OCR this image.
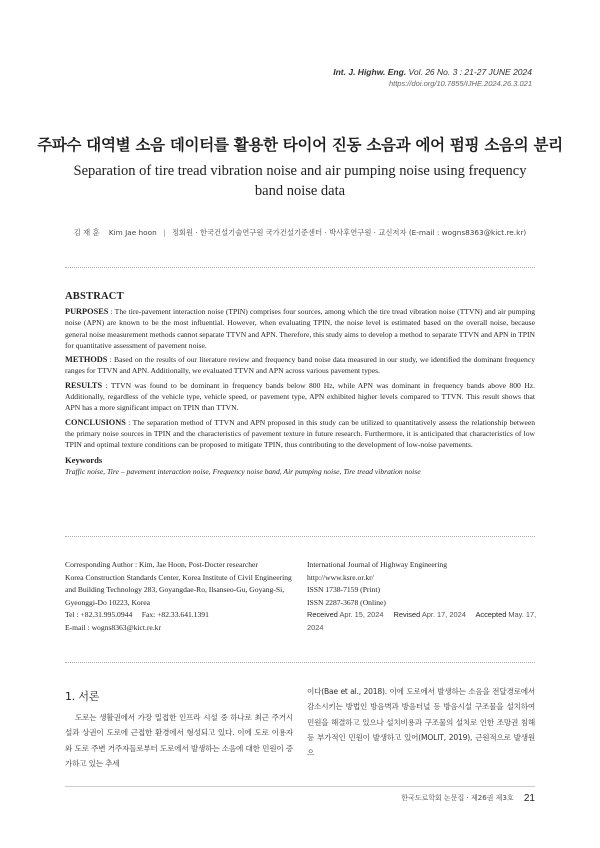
Int. J. Highw. Eng. Vol. 26 No. 3 : 21-27 JUNE 2024
https://doi.org/10.7855/IJHE.2024.26.3.021
주파수 대역별 소음 데이터를 활용한 타이어 진동 소음과 에어 펌핑 소음의 분리
Separation of tire tread vibration noise and air pumping noise using frequency band noise data
김 재 훈 Kim Jae hoon | 정회원 · 한국건설기술연구원 국가건설기준센터 · 박사후연구원 · 교신저자 (E-mail : wogns8363@kict.re.kr)
ABSTRACT

PURPOSES : The tire-pavement interaction noise (TPIN) comprises four sources, among which the tire tread vibration noise (TTVN) and air pumping noise (APN) are known to be the most influential. However, when evaluating TPIN, the noise level is estimated based on the overall noise, because general noise measurement methods cannot separate TTVN and APN. Therefore, this study aims to develop a method to separate TTVN and APN in TPIN for quantitative assessment of pavement noise.

METHODS : Based on the results of our literature review and frequency band noise data measured in our study, we identified the dominant frequency ranges for TTVN and APN. Additionally, we evaluated TTVN and APN across various pavement types.

RESULTS : TTVN was found to be dominant in frequency bands below 800 Hz, while APN was dominant in frequency bands above 800 Hz. Additionally, regardless of the vehicle type, vehicle speed, or pavement type, APN exhibited higher levels compared to TTVN. This result shows that APN has a more significant impact on TPIN than TTVN.

CONCLUSIONS : The separation method of TTVN and APN proposed in this study can be utilized to quantitatively assess the relationship between the primary noise sources in TPIN and the characteristics of pavement texture in future research. Furthermore, it is anticipated that characteristics of low TPIN and optimal texture conditions can be proposed to mitigate TPIN, thus contributing to the development of low-noise pavements.

Keywords
Traffic noise, Tire – pavement interaction noise, Frequency noise band, Air pumping noise, Tire tread vibration noise
Corresponding Author : Kim, Jae Hoon, Post-Docter researcher
Korea Construction Standards Center, Korea Institute of Civil Engineering
and Building Technology 283, Goyangdae-Ro, Ilsanseo-Gu, Goyang-Si,
Gyeonggi-Do 10223, Korea
Tel : +82.31.995.0944     Fax: +82.33.641.1391
E-mail : wogns8363@kict.re.kr
International Journal of Highway Engineering
http://www.ksre.or.kr/
ISSN 1738-7159 (Print)
ISSN 2287-3678 (Online)
Received Apr. 15, 2024 Revised Apr. 17, 2024 Accepted May. 17, 2024
1. 서론
도로는 생활권에서 가장 밀접한 인프라 시설 중 하나로 최근 주거시설과 상권이 도로에 근접한 환경에서 형성되고 있다. 이에 도로 이용자와 도로 주변 거주자들로부터 도로에서 발생하는 소음에 대한 민원이 증가하고 있는 추세
이다(Bae et al., 2018). 이에 도로에서 발생하는 소음을 전달경로에서 감소시키는 방법인 방음벽과 방음터널 등 방음시설 구조물을 설치하여 민원을 해결하고 있으나 설치비용과 구조물의 설치로 인한 조망권 침해 등 부가적인 민원이 발생하고 있어(MOLIT, 2019), 근원적으로 발생원으
한국도로학회 논문집 · 제26권 제3호 21
